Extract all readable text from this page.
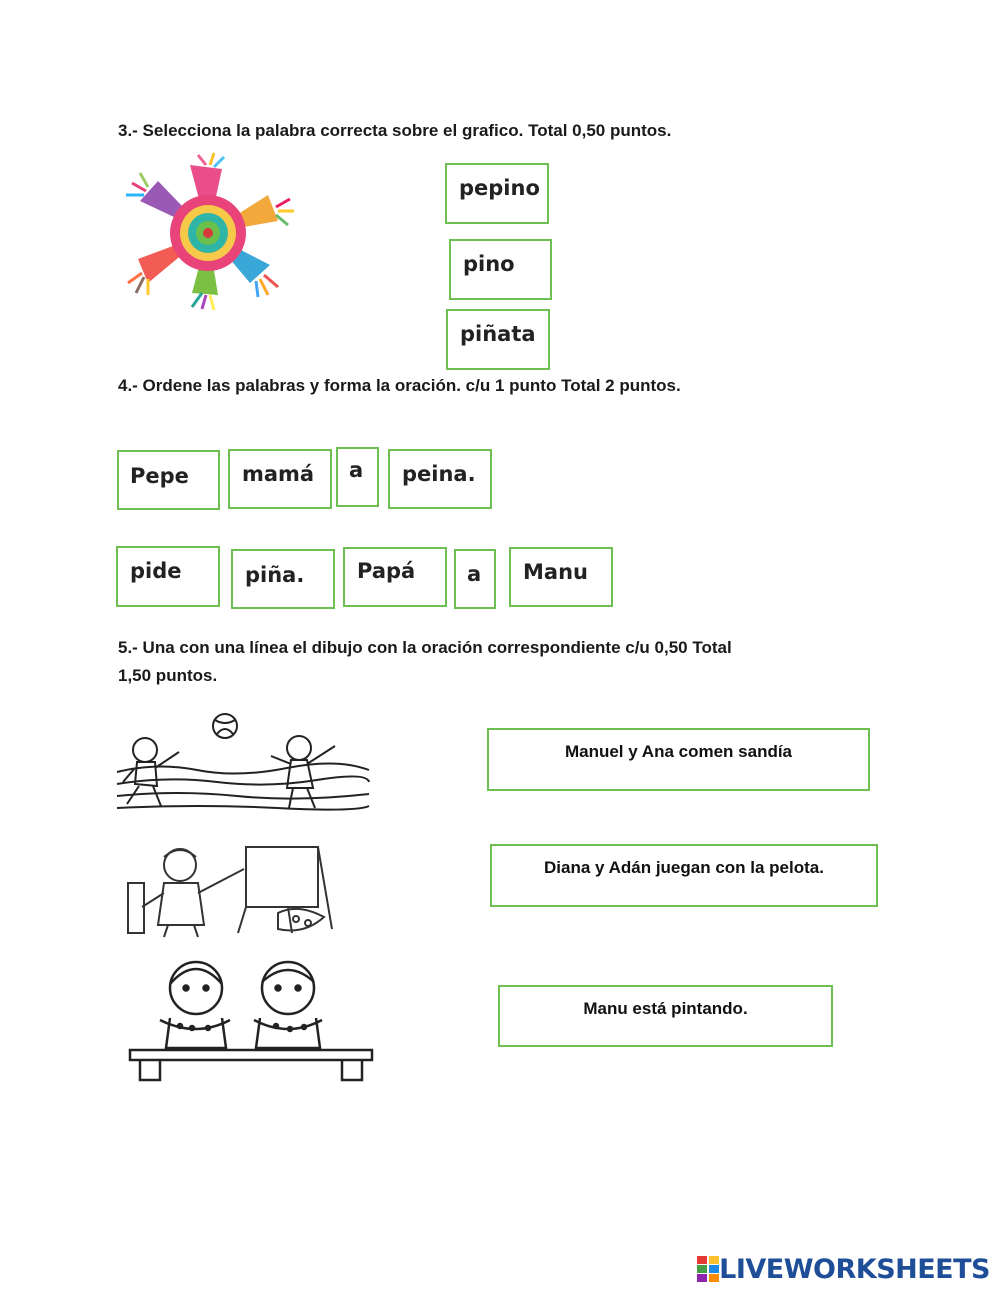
3.- Selecciona la palabra correcta sobre el grafico. Total 0,50 puntos.
pepino
pino
piñata
4.- Ordene las palabras y forma la oración. c/u 1 punto Total 2 puntos.
Pepe	mamá a peina.
pide	piña.	Papá a Manu
5.- Una con una línea el dibujo con la oración correspondiente c/u 0,50 Total
1,50 puntos.
Manuel y Ana comen sandía
Diana y Adán juegan con la pelota.
Manu está pintando.
LIVEWORKSHEETS
